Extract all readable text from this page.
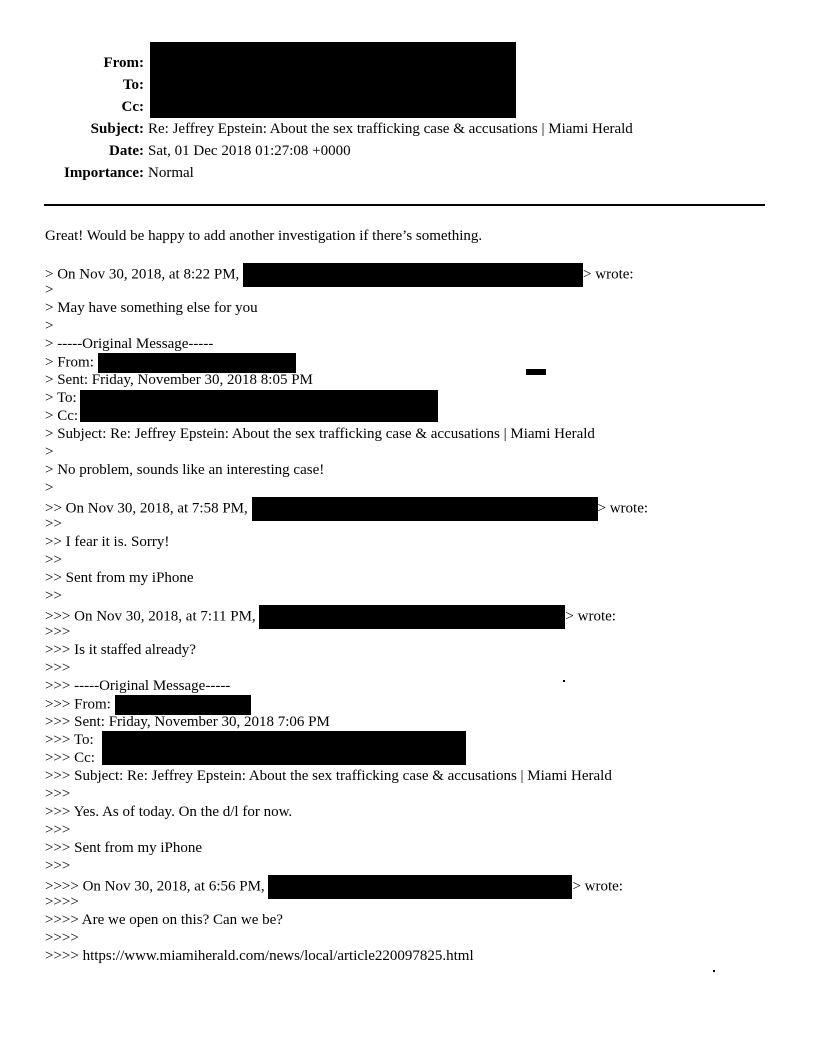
From:
To:
Cc:
Subject: Re: Jeffrey Epstein: About the sex trafficking case & accusations | Miami Herald
Date: Sat, 01 Dec 2018 01:27:08 +0000
Importance: Normal
Great! Would be happy to add another investigation if there’s something.
> On Nov 30, 2018, at 8:22 PM,	> wrote:
>
> May have something else for you
>
> -----Original Message-----
> From:
> Sent: Friday, November 30, 2018 8:05 PM
> To:
> Cc:
> Subject: Re: Jeffrey Epstein: About the sex trafficking case & accusations | Miami Herald
>
> No problem, sounds like an interesting case!
>
>> On Nov 30, 2018, at 7:58 PM,	> wrote:
>>
>> I fear it is. Sorry!
>>
>> Sent from my iPhone
>>
>>> On Nov 30, 2018, at 7:11 PM,	> wrote:
>>>
>>> Is it staffed already?
>>>
>>> -----Original Message-----
>>> From:
>>> Sent: Friday, November 30, 2018 7:06 PM
>>> To:
>>> Cc:
>>> Subject: Re: Jeffrey Epstein: About the sex trafficking case & accusations | Miami Herald
>>>
>>> Yes. As of today. On the d/l for now.
>>>
>>> Sent from my iPhone
>>>
>>>> On Nov 30, 2018, at 6:56 PM,	> wrote:
>>>>
>>>> Are we open on this? Can we be?
>>>>
>>>> https://www.miamiherald.com/news/local/article220097825.html
